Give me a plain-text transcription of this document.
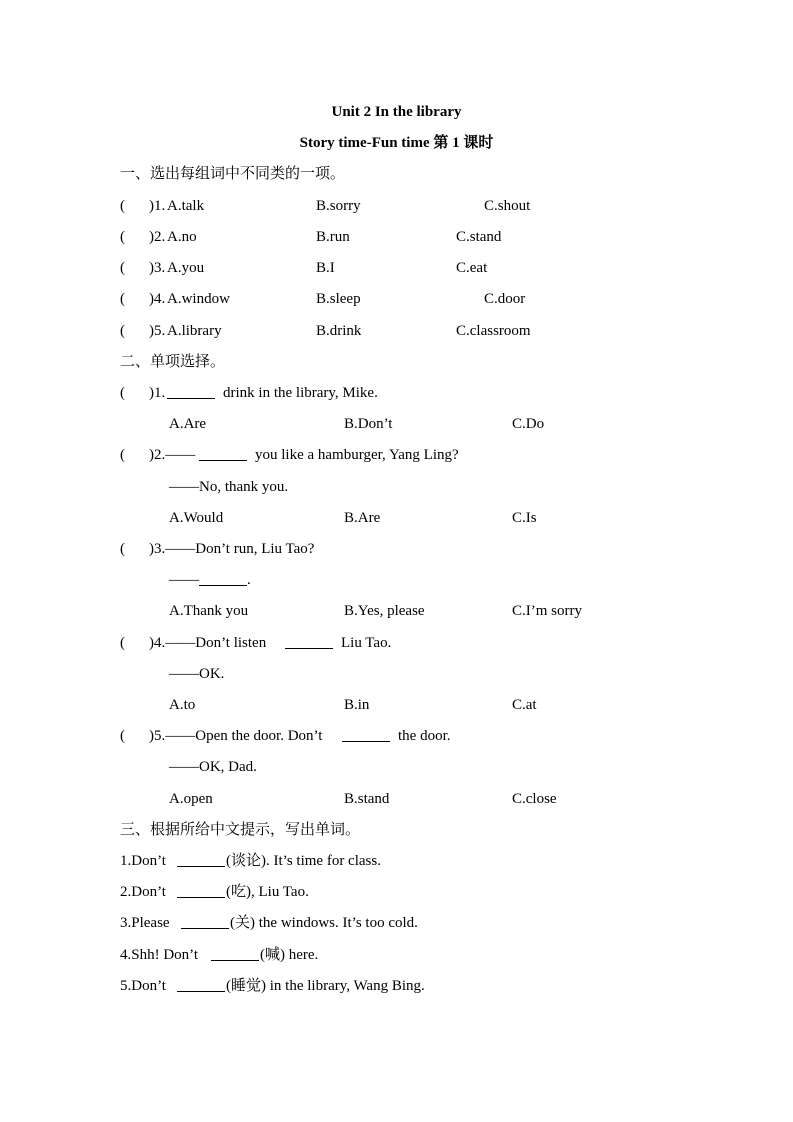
Unit 2 In the library
Story time-Fun time 第 1 课时
一、选出每组词中不同类的一项。
( )1. A.talk	B.sorry	C.shout
( )2. A.no	B.run	C.stand
( )3. A.you	B.I	C.eat
( )4. A.window	B.sleep	C.door
( )5. A.library	B.drink	C.classroom
二、单项选择。
( )1.	drink in the library, Mike.
A.Are	B.Don’t	C.Do
( )2.——	you like a hamburger, Yang Ling?
——No, thank you.
A.Would	B.Are	C.Is
( )3.——Don’t run, Liu Tao?
——	.
A.Thank you	B.Yes, please	C.I’m sorry
( )4.——Don’t listen	Liu Tao.
——OK.
A.to	B.in	C.at
( )5.——Open the door. Don’t	the door.
——OK, Dad.
A.open	B.stand	C.close
三、根据所给中文提示，写出单词。
1.Don’t	(谈论). It’s time for class.
2.Don’t	(吃), Liu Tao.
3.Please	(关) the windows. It’s too cold.
4.Shh! Don’t	(喊) here.
5.Don’t	(睡觉) in the library, Wang Bing.
